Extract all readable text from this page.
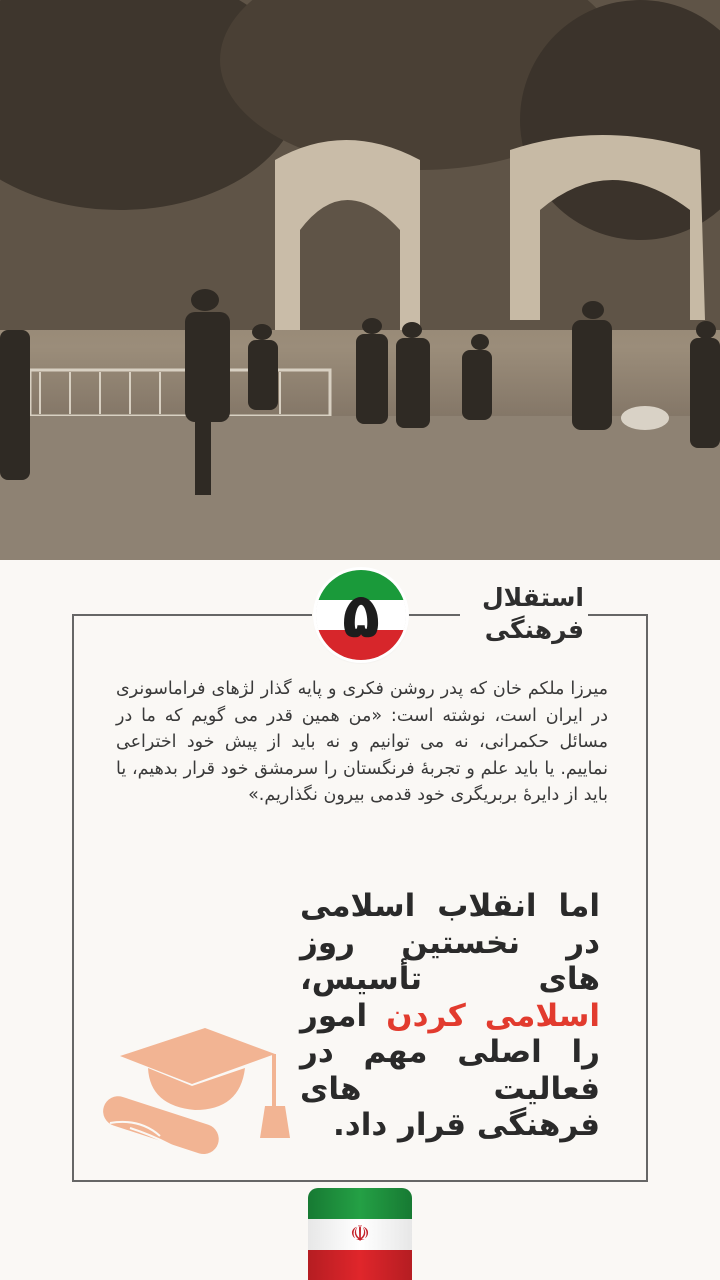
۵	استقلال
فرهنگی
میرزا ملکم خان که پدر روشن فکری و پایه گذار لژهای فراماسونری در ایران است، نوشته است: «من همین قدر می گویم که ما در مسائل حکمرانی، نه می توانیم و نه باید از پیش خود اختراعی نماییم. یا باید علم و تجربهٔ فرنگستان را سرمشق خود قرار بدهیم، یا باید از دایرهٔ بربریگری خود قدمی بیرون نگذاریم.»
اما انقلاب اسلامی در نخستین روز های تأسیس، اسلامی کردن امور را اصلی مهم در فعالیت های فرهنگی قرار داد.
☫
